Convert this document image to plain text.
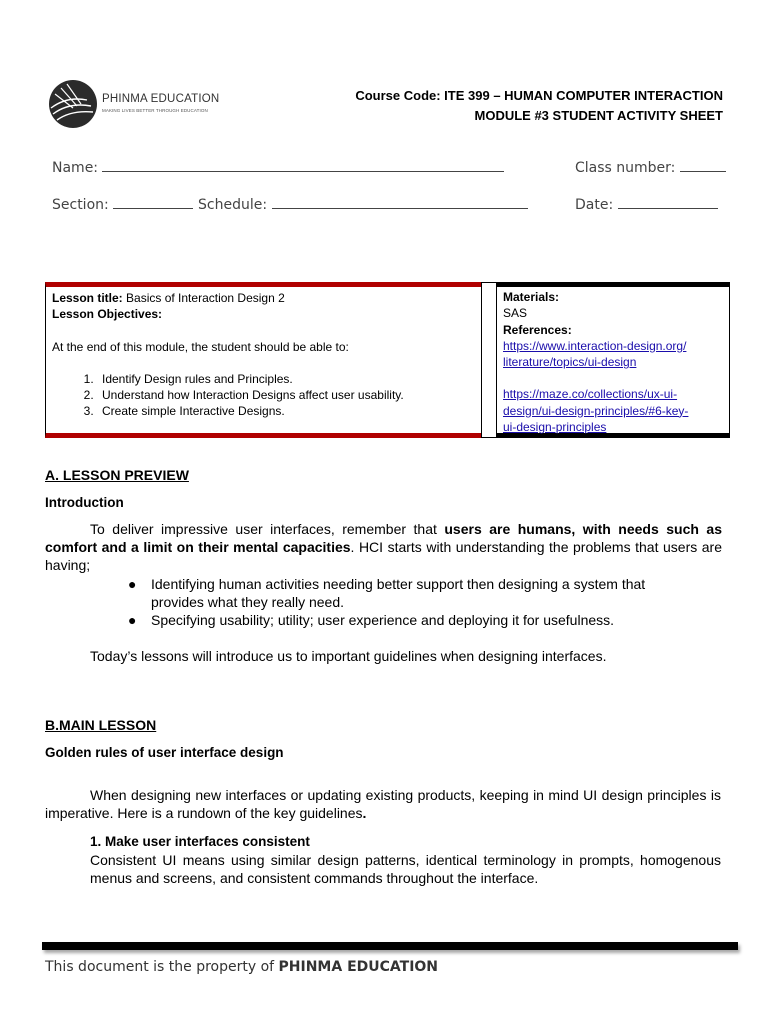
PHINMA EDUCATION
MAKING LIVES BETTER THROUGH EDUCATION
Course Code: ITE 399 – HUMAN COMPUTER INTERACTION
MODULE #3 STUDENT ACTIVITY SHEET
Name:	Class number:
Section:	Schedule:	Date:
Lesson title: Basics of Interaction Design 2
Lesson Objectives:
At the end of this module, the student should be able to:
1. Identify Design rules and Principles.
2. Understand how Interaction Designs affect user usability.
3. Create simple Interactive Designs.
Materials:
SAS
References:
https://www.interaction-design.org/
literature/topics/ui-design
https://maze.co/collections/ux-ui-
design/ui-design-principles/#6-key-
ui-design-principles
A. LESSON PREVIEW
Introduction
To deliver impressive user interfaces, remember that users are humans, with needs such as comfort and a limit on their mental capacities. HCI starts with understanding the problems that users are having;
● Identifying human activities needing better support then designing a system that provides what they really need.
● Specifying usability; utility; user experience and deploying it for usefulness.
Today’s lessons will introduce us to important guidelines when designing interfaces.
B.MAIN LESSON
Golden rules of user interface design
When designing new interfaces or updating existing products, keeping in mind UI design principles is imperative. Here is a rundown of the key guidelines.
1. Make user interfaces consistent
Consistent UI means using similar design patterns, identical terminology in prompts, homogenous menus and screens, and consistent commands throughout the interface.
This document is the property of PHINMA EDUCATION
